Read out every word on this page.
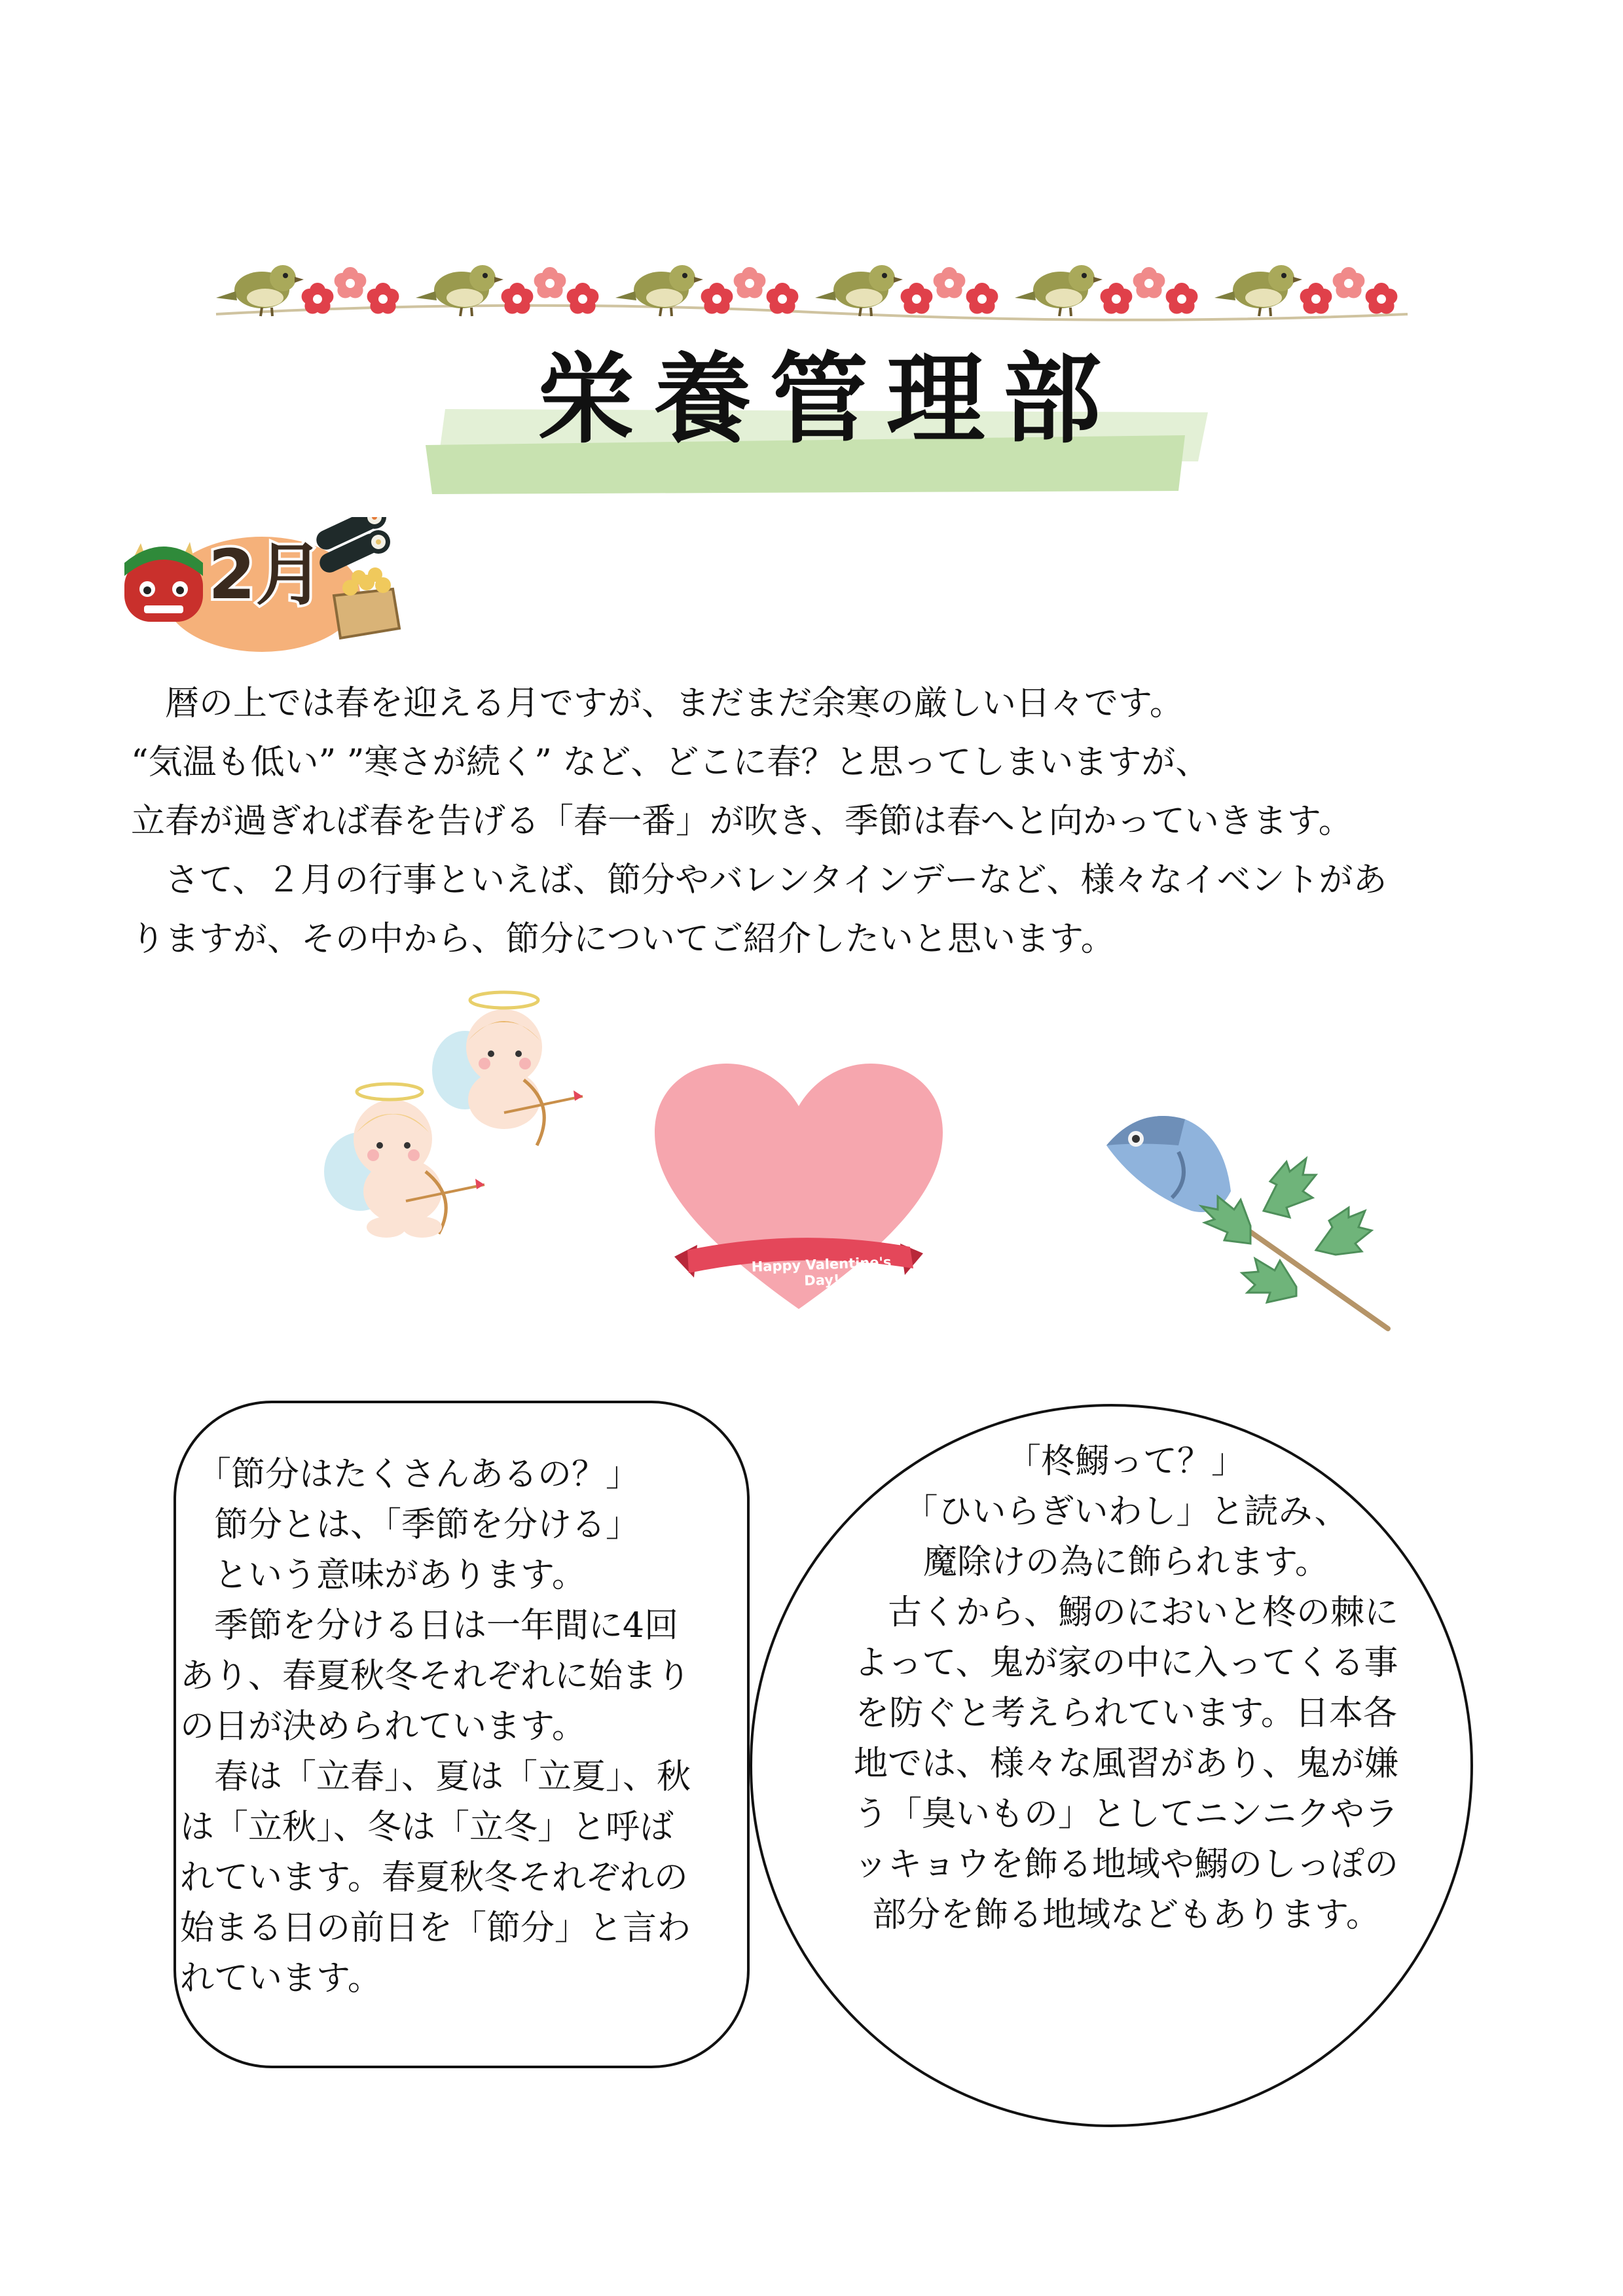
栄養管理部
2月

　暦の上では春を迎える月ですが、まだまだ余寒の厳しい日々です。

“気温も低い” ”寒さが続く” など、どこに春？と思ってしまいますが、

立春が過ぎれば春を告げる「春一番」が吹き、季節は春へと向かっていきます。

　さて、２月の行事といえば、節分やバレンタインデーなど、様々なイベントがあ

りますが、その中から、節分についてご紹介したいと思います。

Happy Valentine's Day!

　「節分はたくさんあるの？」

　節分とは、「季節を分ける」

　という意味があります。

　季節を分ける日は一年間に4回

あり、春夏秋冬それぞれに始まり

の日が決められています。

　春は「立春」、夏は「立夏」、秋

は「立秋」、冬は「立冬」と呼ば

れています。春夏秋冬それぞれの

始まる日の前日を「節分」と言わ

れています。

「柊鰯って？」

「ひいらぎいわし」と読み、

魔除けの為に飾られます。

　古くから、鰯のにおいと柊の棘に

よって、鬼が家の中に入ってくる事

を防ぐと考えられています。日本各

地では、様々な風習があり、鬼が嫌

う「臭いもの」としてニンニクやラ

ッキョウを飾る地域や鰯のしっぽの

部分を飾る地域などもあります。
